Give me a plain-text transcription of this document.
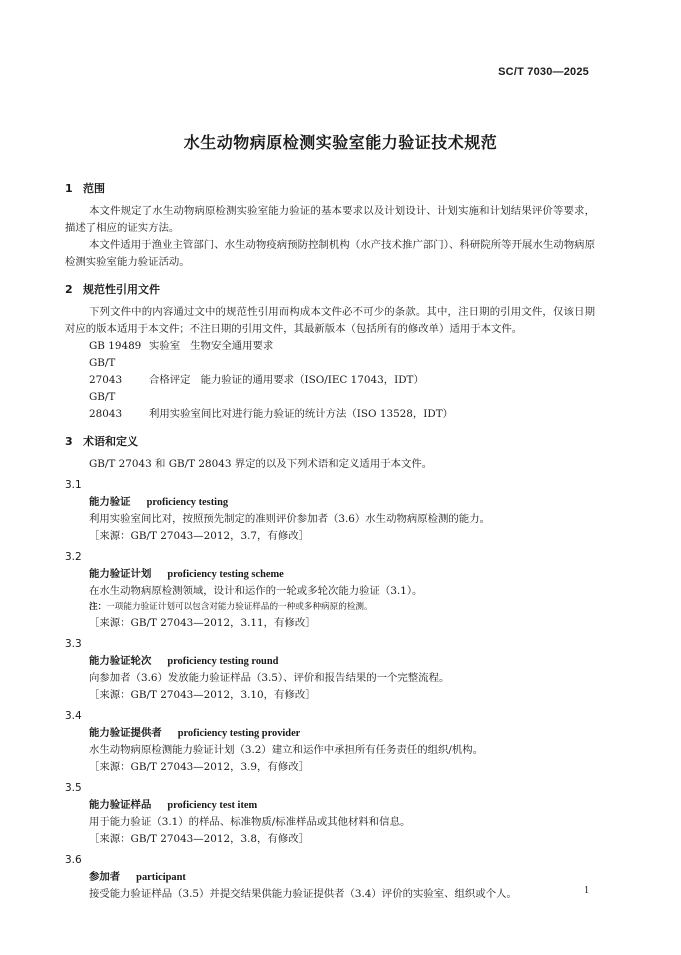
SC/T 7030—2025
水生动物病原检测实验室能力验证技术规范
1 范围
本文件规定了水生动物病原检测实验室能力验证的基本要求以及计划设计、计划实施和计划结果评价等要求，描述了相应的证实方法。
本文件适用于渔业主管部门、水生动物疫病预防控制机构（水产技术推广部门）、科研院所等开展水生动物病原检测实验室能力验证活动。
2 规范性引用文件
下列文件中的内容通过文中的规范性引用而构成本文件必不可少的条款。其中，注日期的引用文件，仅该日期对应的版本适用于本文件；不注日期的引用文件，其最新版本（包括所有的修改单）适用于本文件。
GB 19489 实验室 生物安全通用要求
GB/T 27043	合格评定 能力验证的通用要求（ISO/IEC 17043，IDT）
GB/T 28043	利用实验室间比对进行能力验证的统计方法（ISO 13528，IDT）
3 术语和定义
GB/T 27043 和 GB/T 28043 界定的以及下列术语和定义适用于本文件。
3.1
能力验证 proficiency testing
利用实验室间比对，按照预先制定的准则评价参加者（3.6）水生动物病原检测的能力。
［来源：GB/T 27043—2012，3.7，有修改］
3.2
能力验证计划 proficiency testing scheme
在水生动物病原检测领域，设计和运作的一轮或多轮次能力验证（3.1）。
注：一项能力验证计划可以包含对能力验证样品的一种或多种病原的检测。
［来源：GB/T 27043—2012，3.11，有修改］
3.3
能力验证轮次 proficiency testing round
向参加者（3.6）发放能力验证样品（3.5）、评价和报告结果的一个完整流程。
［来源：GB/T 27043—2012，3.10，有修改］
3.4
能力验证提供者 proficiency testing provider
水生动物病原检测能力验证计划（3.2）建立和运作中承担所有任务责任的组织/机构。
［来源：GB/T 27043—2012，3.9，有修改］
3.5
能力验证样品 proficiency test item
用于能力验证（3.1）的样品、标准物质/标准样品或其他材料和信息。
［来源：GB/T 27043—2012，3.8，有修改］
3.6
参加者 participant
接受能力验证样品（3.5）并提交结果供能力验证提供者（3.4）评价的实验室、组织或个人。	1
